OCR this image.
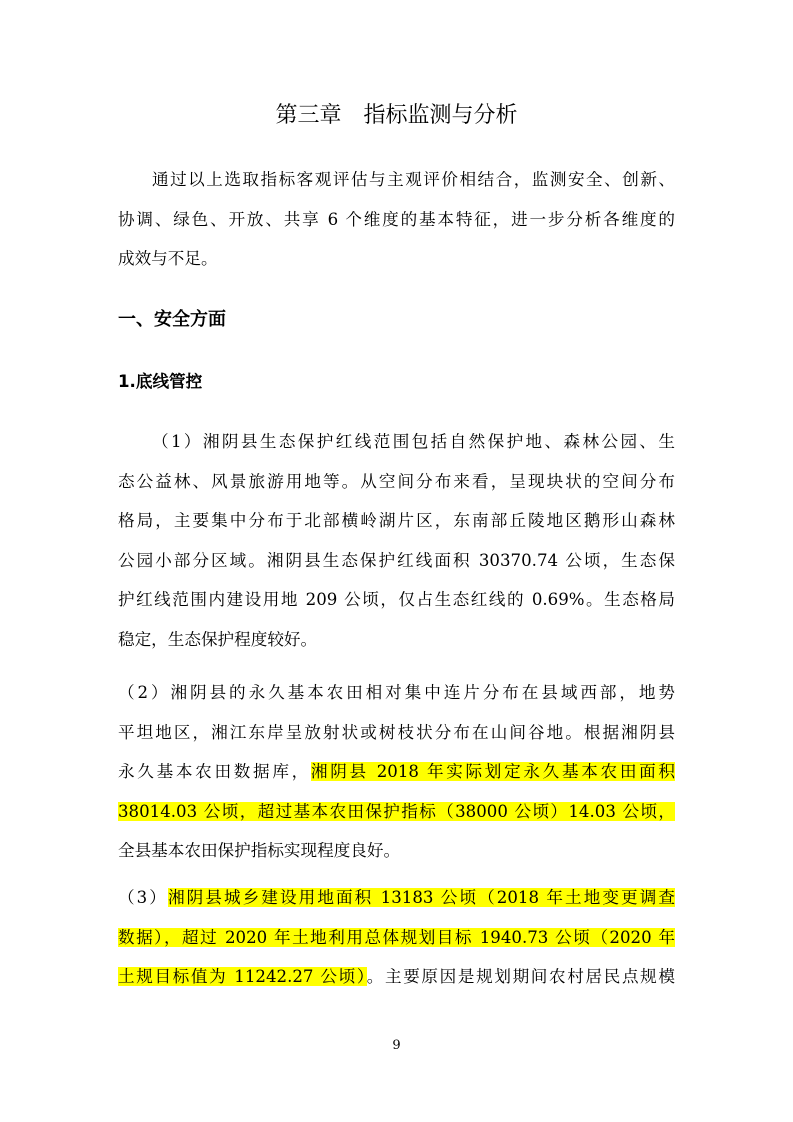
第三章　指标监测与分析
通过以上选取指标客观评估与主观评价相结合，监测安全、创新、
协调、绿色、开放、共享 6 个维度的基本特征，进一步分析各维度的
成效与不足。
一、安全方面
1.底线管控
（1）湘阴县生态保护红线范围包括自然保护地、森林公园、生
态公益林、风景旅游用地等。从空间分布来看，呈现块状的空间分布
格局，主要集中分布于北部横岭湖片区，东南部丘陵地区鹅形山森林
公园小部分区域。湘阴县生态保护红线面积 30370.74 公顷，生态保
护红线范围内建设用地 209 公顷，仅占生态红线的 0.69%。生态格局
稳定，生态保护程度较好。
（2）湘阴县的永久基本农田相对集中连片分布在县域西部，地势
平坦地区，湘江东岸呈放射状或树枝状分布在山间谷地。根据湘阴县
永久基本农田数据库，湘阴县 2018 年实际划定永久基本农田面积
38014.03 公顷，超过基本农田保护指标（38000 公顷）14.03 公顷，
全县基本农田保护指标实现程度良好。
（3）湘阴县城乡建设用地面积 13183 公顷（2018 年土地变更调查
数据），超过 2020 年土地利用总体规划目标 1940.73 公顷（2020 年
土规目标值为 11242.27 公顷）。主要原因是规划期间农村居民点规模
9
